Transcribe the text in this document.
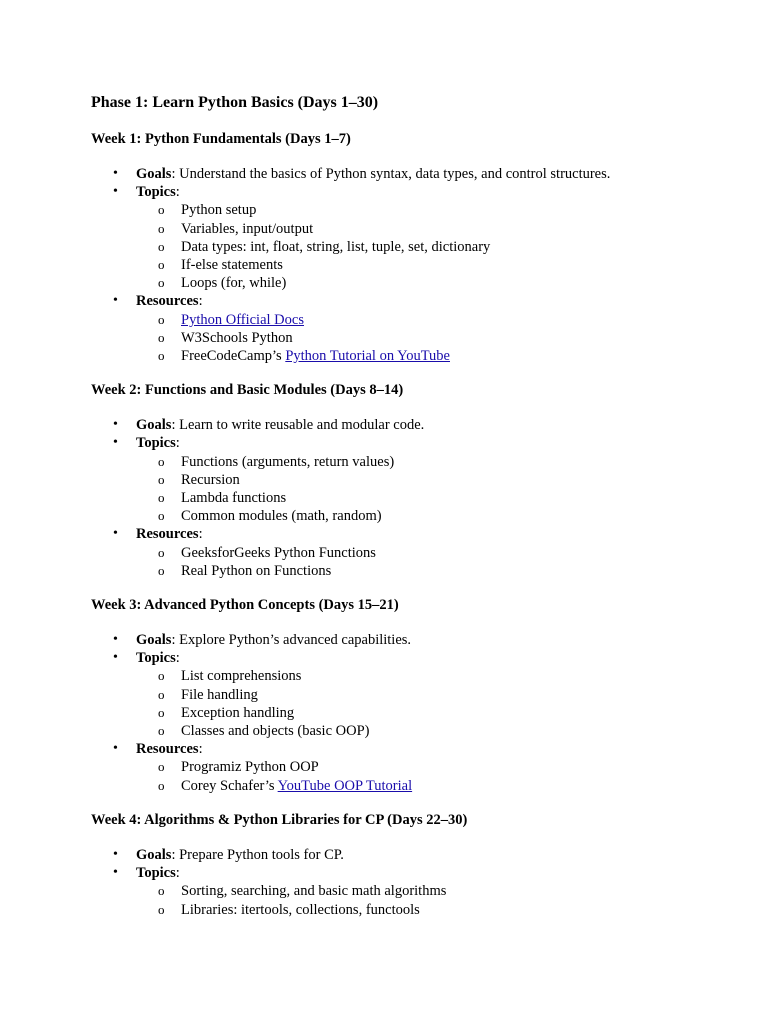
Phase 1: Learn Python Basics (Days 1–30)
Week 1: Python Fundamentals (Days 1–7)
• Goals: Understand the basics of Python syntax, data types, and control structures.
• Topics:
o Python setup
o Variables, input/output
o Data types: int, float, string, list, tuple, set, dictionary
o If-else statements
o Loops (for, while)
• Resources:
o Python Official Docs
o W3Schools Python
o FreeCodeCamp’s Python Tutorial on YouTube
Week 2: Functions and Basic Modules (Days 8–14)
• Goals: Learn to write reusable and modular code.
• Topics:
o Functions (arguments, return values)
o Recursion
o Lambda functions
o Common modules (math, random)
• Resources:
o GeeksforGeeks Python Functions
o Real Python on Functions
Week 3: Advanced Python Concepts (Days 15–21)
• Goals: Explore Python’s advanced capabilities.
• Topics:
o List comprehensions
o File handling
o Exception handling
o Classes and objects (basic OOP)
• Resources:
o Programiz Python OOP
o Corey Schafer’s YouTube OOP Tutorial
Week 4: Algorithms & Python Libraries for CP (Days 22–30)
• Goals: Prepare Python tools for CP.
• Topics:
o Sorting, searching, and basic math algorithms
o Libraries: itertools, collections, functools
